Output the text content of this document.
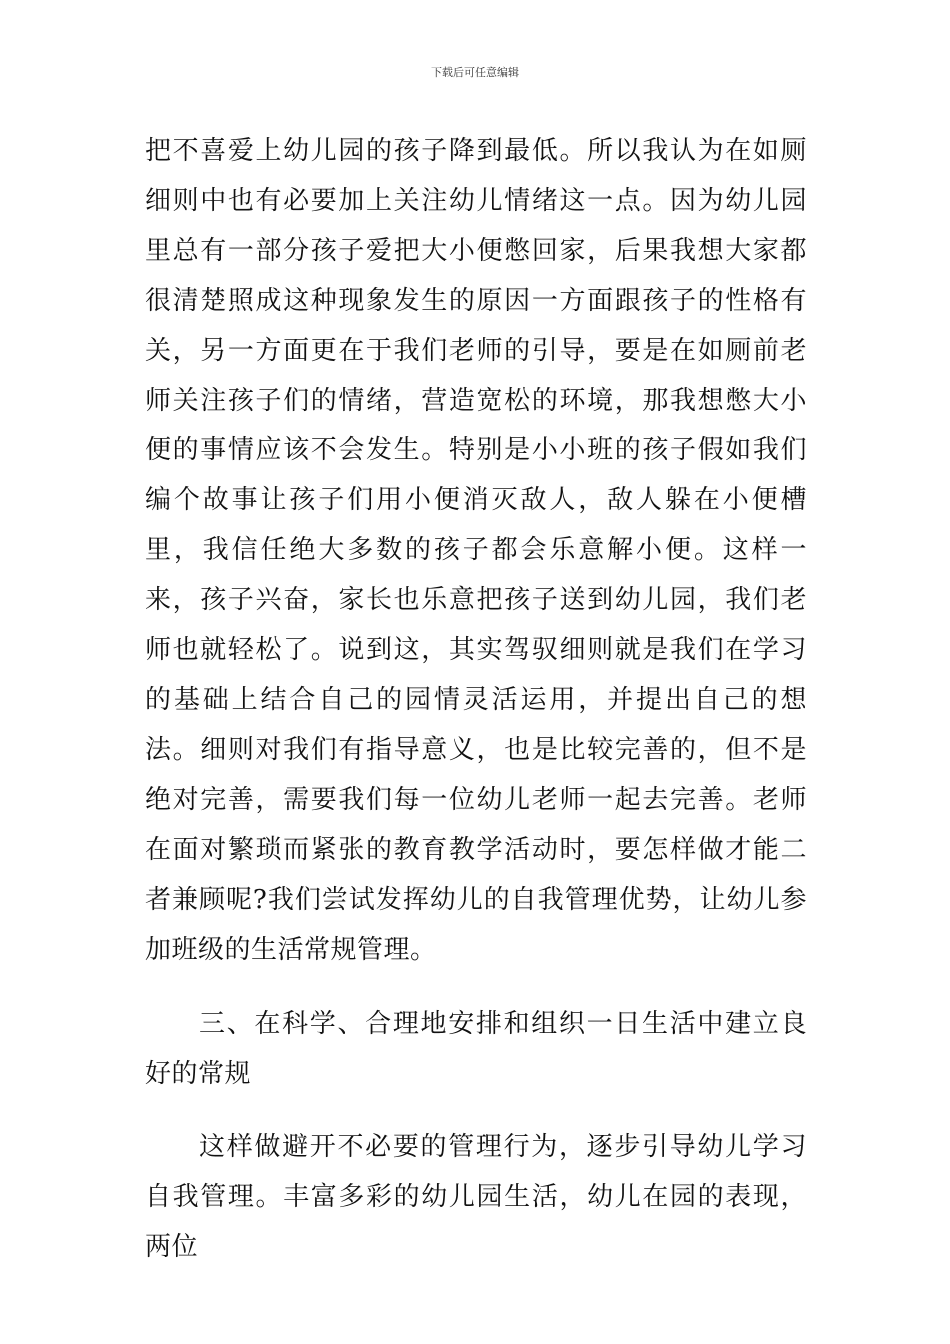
下载后可任意编辑

把不喜爱上幼儿园的孩子降到最低。所以我认为在如厕细则中也有必要加上关注幼儿情绪这一点。因为幼儿园里总有一部分孩子爱把大小便憋回家，后果我想大家都很清楚照成这种现象发生的原因一方面跟孩子的性格有关，另一方面更在于我们老师的引导，要是在如厕前老师关注孩子们的情绪，营造宽松的环境，那我想憋大小便的事情应该不会发生。特别是小小班的孩子假如我们编个故事让孩子们用小便消灭敌人，敌人躲在小便槽里，我信任绝大多数的孩子都会乐意解小便。这样一来，孩子兴奋，家长也乐意把孩子送到幼儿园，我们老师也就轻松了。说到这，其实驾驭细则就是我们在学习的基础上结合自己的园情灵活运用，并提出自己的想法。细则对我们有指导意义，也是比较完善的，但不是绝对完善，需要我们每一位幼儿老师一起去完善。老师在面对繁琐而紧张的教育教学活动时，要怎样做才能二者兼顾呢?我们尝试发挥幼儿的自我管理优势，让幼儿参加班级的生活常规管理。

三、在科学、合理地安排和组织一日生活中建立良好的常规

这样做避开不必要的管理行为，逐步引导幼儿学习自我管理。丰富多彩的幼儿园生活，幼儿在园的表现，两位
